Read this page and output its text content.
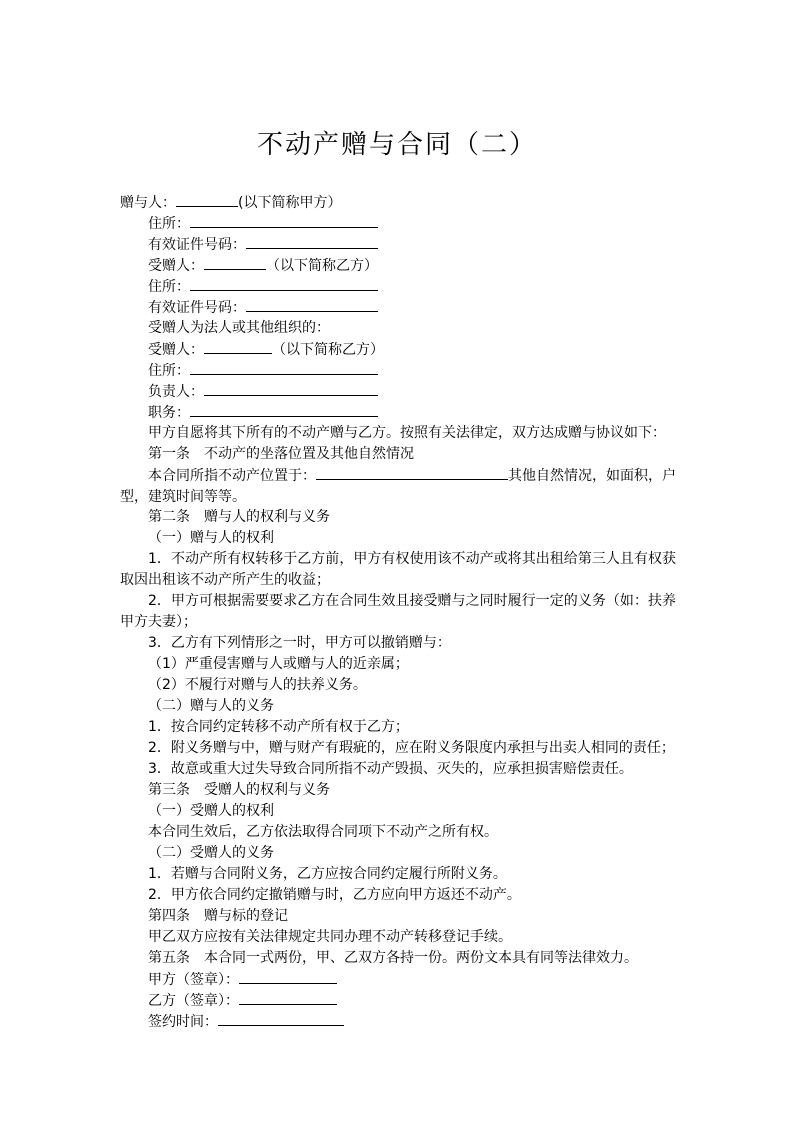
不动产赠与合同（二）
赠与人：	(以下简称甲方）
住所：
有效证件号码：
受赠人：	（以下简称乙方）
住所：
有效证件号码：
受赠人为法人或其他组织的：
受赠人：	（以下简称乙方）
住所：
负责人：
职务：
甲方自愿将其下所有的不动产赠与乙方。按照有关法律定，双方达成赠与协议如下：
第一条　不动产的坐落位置及其他自然情况
本合同所指不动产位置于：	其他自然情况，如面积，户型，建筑时间等等。
第二条　赠与人的权利与义务
（一）赠与人的权利
1．不动产所有权转移于乙方前，甲方有权使用该不动产或将其出租给第三人且有权获取因出租该不动产所产生的收益；
2．甲方可根据需要要求乙方在合同生效且接受赠与之同时履行一定的义务（如：扶养甲方夫妻）；
3．乙方有下列情形之一时，甲方可以撤销赠与：
（1）严重侵害赠与人或赠与人的近亲属；
（2）不履行对赠与人的扶养义务。
（二）赠与人的义务
1．按合同约定转移不动产所有权于乙方；
2．附义务赠与中，赠与财产有瑕疵的，应在附义务限度内承担与出卖人相同的责任；
3．故意或重大过失导致合同所指不动产毁损、灭失的，应承担损害赔偿责任。
第三条　受赠人的权利与义务
（一）受赠人的权利
本合同生效后，乙方依法取得合同项下不动产之所有权。
（二）受赠人的义务
1．若赠与合同附义务，乙方应按合同约定履行所附义务。
2．甲方依合同约定撤销赠与时，乙方应向甲方返还不动产。
第四条　赠与标的登记
甲乙双方应按有关法律规定共同办理不动产转移登记手续。
第五条　本合同一式两份，甲、乙双方各持一份。两份文本具有同等法律效力。
甲方（签章）：
乙方（签章）：
签约时间：
